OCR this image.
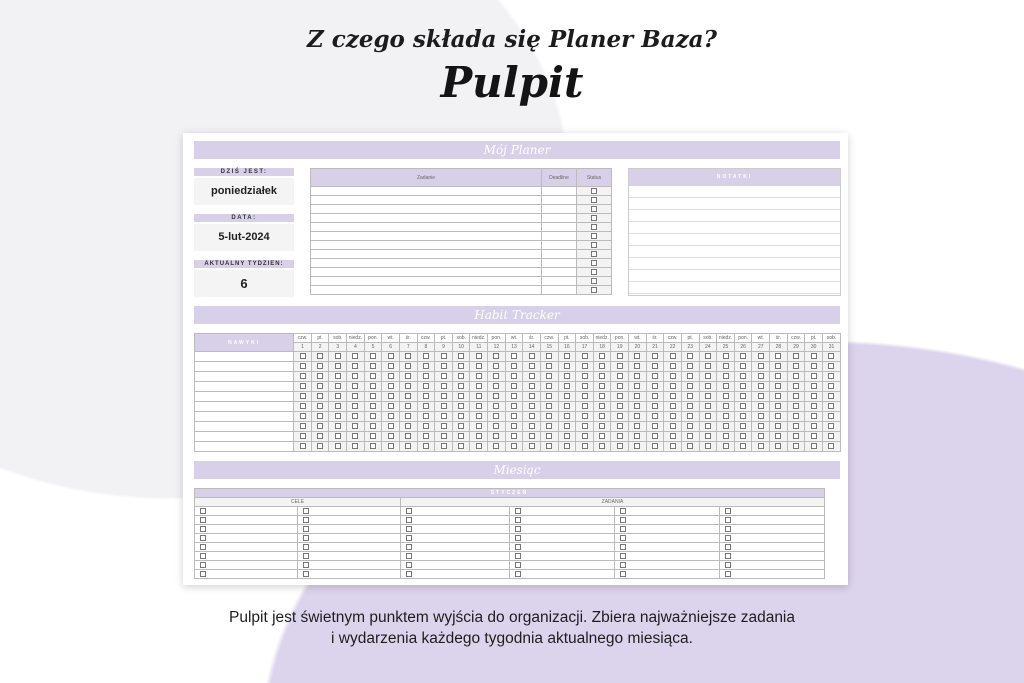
Z czego składa się Planer Baza?
Pulpit
Mój Planer
DZIŚ JEST:
poniedziałek
DATA:
5-lut-2024
AKTUALNY TYDZIEN:
6
Zadanie	Deadline	Status

			NOTATKI
Habit Tracker
NAWYKI	czw.	pt.	sob.	niedz.	pon.	wt.	śr.	czw.	pt.	sob.	niedz.	pon.	wt.	śr.	czw.	pt.	sob.	niedz.	pon.	wt.	śr.	czw.	pt.	sob.	niedz.	pon.	wt.	śr.	czw.	pt.	sob.
	1	2	3	4	5	6	7	8	9	10	11	12	13	14	15	16	17	18	19	20	21	22	23	24	25	26	27	28	29	30	31

Miesiąc
STYCZEŃ					
CELE		ZADANIA			

Pulpit jest świetnym punktem wyjścia do organizacji. Zbiera najważniejsze zadania
i wydarzenia każdego tygodnia aktualnego miesiąca.
